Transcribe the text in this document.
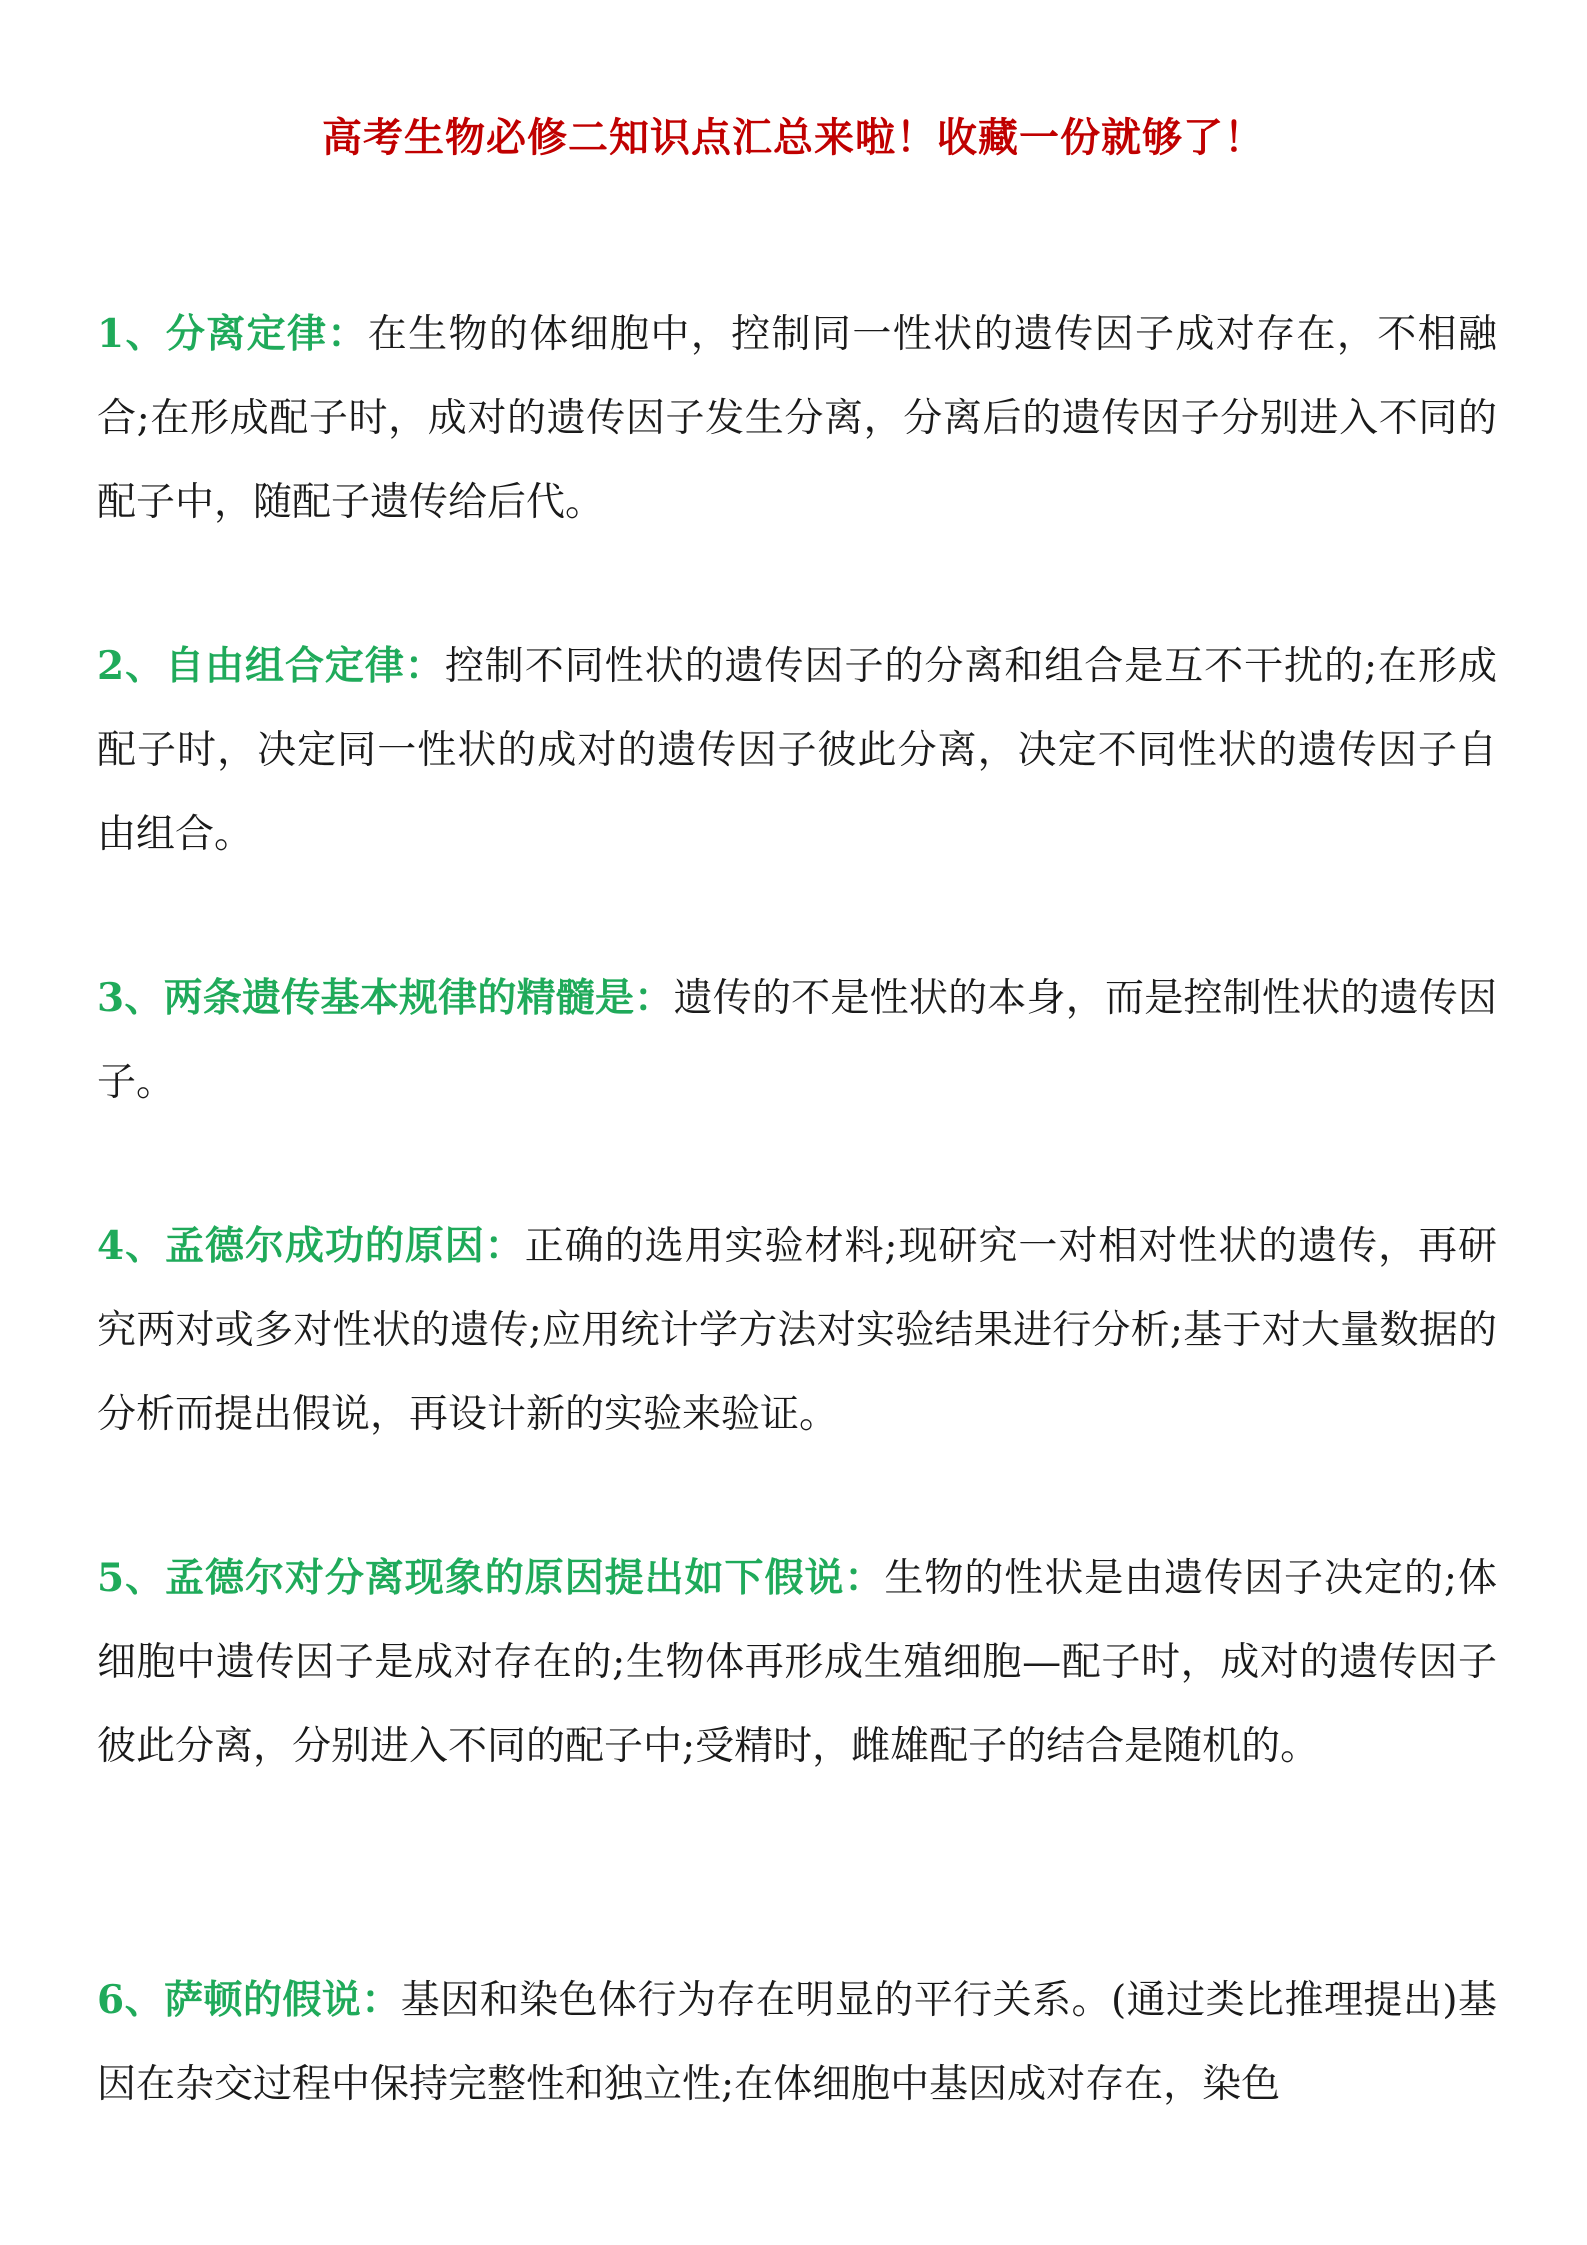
高考生物必修二知识点汇总来啦！收藏一份就够了！

1、分离定律：在生物的体细胞中，控制同一性状的遗传因子成对存在，不相融合;在形成配子时，成对的遗传因子发生分离，分离后的遗传因子分别进入不同的配子中，随配子遗传给后代。

2、自由组合定律：控制不同性状的遗传因子的分离和组合是互不干扰的;在形成配子时，决定同一性状的成对的遗传因子彼此分离，决定不同性状的遗传因子自由组合。

3、两条遗传基本规律的精髓是：遗传的不是性状的本身，而是控制性状的遗传因子。

4、孟德尔成功的原因：正确的选用实验材料;现研究一对相对性状的遗传，再研究两对或多对性状的遗传;应用统计学方法对实验结果进行分析;基于对大量数据的分析而提出假说，再设计新的实验来验证。

5、孟德尔对分离现象的原因提出如下假说：生物的性状是由遗传因子决定的;体细胞中遗传因子是成对存在的;生物体再形成生殖细胞—配子时，成对的遗传因子彼此分离，分别进入不同的配子中;受精时，雌雄配子的结合是随机的。

6、萨顿的假说：基因和染色体行为存在明显的平行关系。(通过类比推理提出)基因在杂交过程中保持完整性和独立性;在体细胞中基因成对存在，染色
